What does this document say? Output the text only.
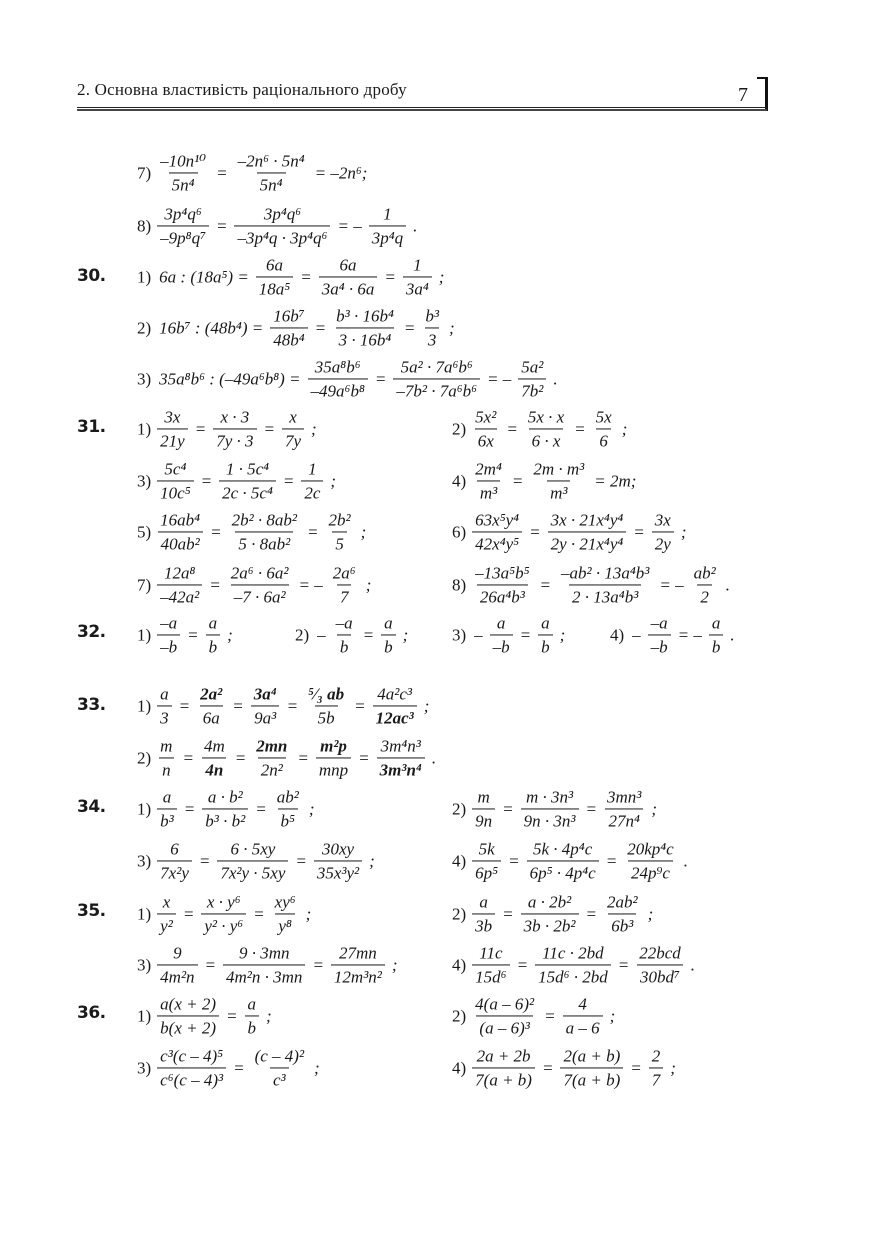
2. Основна властивість раціонального дробу	7
$7) \frac{\text{–10n¹⁰}}{\text{5n⁴}} = \frac{\text{–2n⁶ · 5n⁴}}{\text{5n⁴}} = -2n^6$;
$8) \frac{\text{3p⁴q⁶}}{\text{–9p⁸q⁷}} = \frac{\text{3p⁴q⁶}}{\text{–3p⁴q · 3p⁴q⁶}}$ = – $\frac{1}{\text{3p⁴q}}$ .
30. 1) 6a : $(18a^5) = \frac{6a}{\text{18a⁵}} = \frac{6a}{\text{3a⁴ · 6a}} = \frac{1}{\text{3a⁴}}$ ;
2) 16b⁷ : $(48b^4) = \frac{\text{16b⁷}}{\text{48b⁴}} = \frac{\text{b³ · 16b⁴}}{\text{3 · 16b⁴}} = \frac{\text{b³}}{3}$ ;
3) 35a⁸b⁶ : $(-49a^6b^8) = \frac{\text{35a⁸b⁶}}{\text{–49a⁶b⁸}} = \frac{\text{5a² · 7a⁶b⁶}}{\text{–7b² · 7a⁶b⁶}}$ = – $\frac{\text{5a²}}{\text{7b²}}$ .
31. $1) \frac{3x}{21y} = \frac{x \cdot 3}{7y \cdot 3} = \frac{x}{7y}$ ;	$2) \frac{\text{5x²}}{6x} = \frac{5x \cdot x}{6 \cdot x} = \frac{5x}{6}$ ;
$3) \frac{\text{5c⁴}}{\text{10c⁵}} = \frac{\text{1 · 5c⁴}}{\text{2c · 5c⁴}} = \frac{1}{2c}$ ;	$4) \frac{\text{2m⁴}}{\text{m³}} = \frac{\text{2m · m³}}{\text{m³}} = 2m$;
$5) \frac{\text{16ab⁴}}{\text{40ab²}} = \frac{\text{2b² · 8ab²}}{\text{5 · 8ab²}} = \frac{\text{2b²}}{5}$ ;	$6) \frac{\text{63x⁵y⁴}}{\text{42x⁴y⁵}} = \frac{\text{3x · 21x⁴y⁴}}{\text{2y · 21x⁴y⁴}} = \frac{3x}{2y}$ ;
$7) \frac{\text{12a⁸}}{\text{–42a²}} = \frac{\text{2a⁶ · 6a²}}{\text{–7 · 6a²}}$ = – $\frac{\text{2a⁶}}{7}$ ;	$8) \frac{\text{–13a⁵b⁵}}{\text{26a⁴b³}} = \frac{\text{–ab² · 13a⁴b³}}{\text{2 · 13a⁴b³}}$ = – $\frac{\text{ab²}}{2}$ .
32. $1) \frac{-a}{-b} = \frac{a}{b}$ ;	$2) - \frac{-a}{b} = \frac{a}{b}$ ;	$3) - \frac{a}{-b} = \frac{a}{b}$ ;	$4) - \frac{-a}{-b}$ = – $\frac{a}{b}$ .
33. $1) \frac{a}{3} = \frac{\text{2a²}}{6a} = \frac{\text{3a⁴}}{\text{9a³}} = \frac{\text{⁵⁄₃ ab}}{5b} = \frac{\text{4a²c³}}{\text{12ac³}}$ ;
$2) \frac{m}{n} = \frac{4m}{4n} = \frac{2mn}{\text{2n²}} = \frac{\text{m²p}}{\text{mnp}} = \frac{\text{3m⁴n³}}{\text{3m³n⁴}}$ .
34. $1) \frac{a}{\text{b³}} = \frac{\text{a · b²}}{\text{b³ · b²}} = \frac{\text{ab²}}{\text{b⁵}}$ ;	$2) \frac{m}{9n} = \frac{\text{m · 3n³}}{\text{9n · 3n³}} = \frac{\text{3mn³}}{\text{27n⁴}}$ ;
$3) \frac{6}{\text{7x²y}} = \frac{6 \cdot 5xy}{\text{7x²y · 5xy}} = \frac{30xy}{\text{35x³y²}}$ ;	$4) \frac{5k}{\text{6p⁵}} = \frac{\text{5k · 4p⁴c}}{\text{6p⁵ · 4p⁴c}} = \frac{\text{20kp⁴c}}{\text{24p⁹c}}$ .
35. $1) \frac{x}{\text{y²}} = \frac{\text{x · y⁶}}{\text{y² · y⁶}} = \frac{\text{xy⁶}}{\text{y⁸}}$ ;	$2) \frac{a}{3b} = \frac{\text{a · 2b²}}{\text{3b · 2b²}} = \frac{\text{2ab²}}{\text{6b³}}$ ;
$3) \frac{9}{\text{4m²n}} = \frac{9 \cdot 3mn}{\text{4m²n · 3mn}} = \frac{27mn}{\text{12m³n²}}$ ;	$4) \frac{11c}{\text{15d⁶}} = \frac{11c \cdot 2bd}{\text{15d⁶ · 2bd}} = \frac{\text{22bcd}}{\text{30bd⁷}}$ .
36. $1) \frac{a(x + 2)}{b(x + 2)} = \frac{a}{b}$ ;	$2) \frac{\text{4(a – 6)²}}{\text{(a – 6)³}} = \frac{4}{a - 6}$ ;
$3) \frac{\text{c³(c – 4)⁵}}{\text{c⁶(c – 4)³}} = \frac{\text{(c – 4)²}}{\text{c³}}$ ;	$4) \frac{2a + 2b}{7(a + b)} = \frac{2(a + b)}{7(a + b)} = \frac{2}{7}$ ;
